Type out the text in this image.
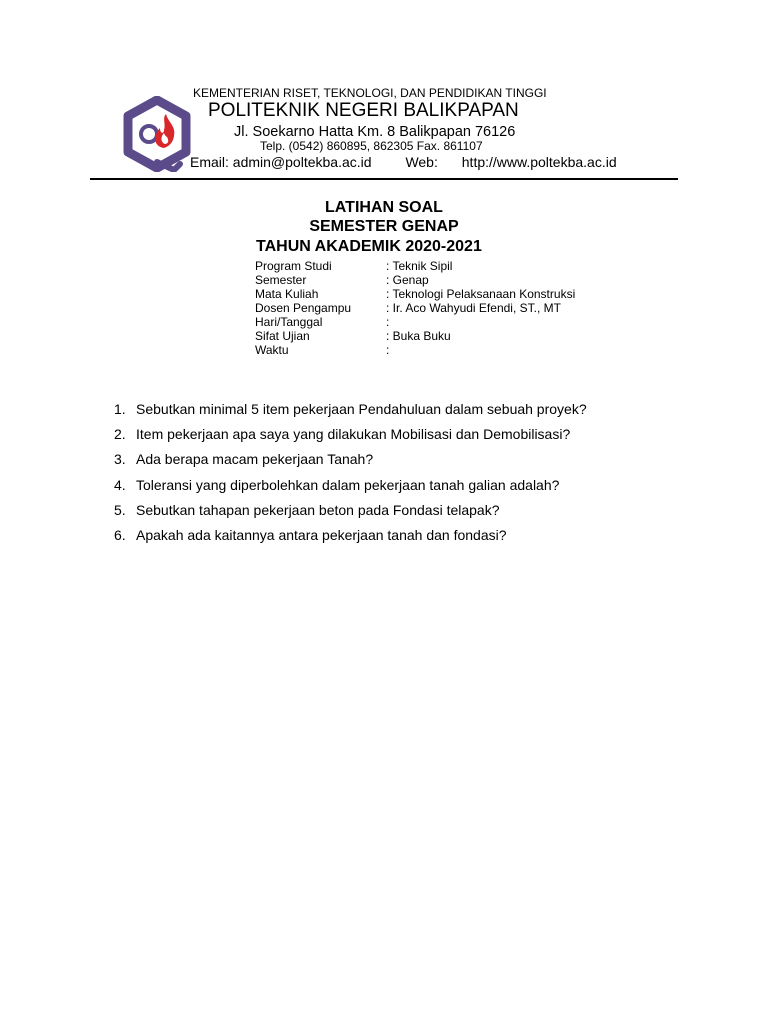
KEMENTERIAN RISET, TEKNOLOGI, DAN PENDIDIKAN TINGGI
POLITEKNIK NEGERI BALIKPAPAN
Jl. Soekarno Hatta Km. 8 Balikpapan 76126
Telp. (0542) 860895, 862305 Fax. 861107
Email: admin@poltekba.ac.id Web: http://www.poltekba.ac.id
LATIHAN SOAL
SEMESTER GENAP
TAHUN AKADEMIK 2020-2021
Program Studi	: Teknik Sipil
Semester	: Genap
Mata Kuliah	: Teknologi Pelaksanaan Konstruksi
Dosen Pengampu	: Ir. Aco Wahyudi Efendi, ST., MT
Hari/Tanggal	:
Sifat Ujian	: Buka Buku
Waktu	:
1. Sebutkan minimal 5 item pekerjaan Pendahuluan dalam sebuah proyek?
2. Item pekerjaan apa saya yang dilakukan Mobilisasi dan Demobilisasi?
3. Ada berapa macam pekerjaan Tanah?
4. Toleransi yang diperbolehkan dalam pekerjaan tanah galian adalah?
5. Sebutkan tahapan pekerjaan beton pada Fondasi telapak?
6. Apakah ada kaitannya antara pekerjaan tanah dan fondasi?
